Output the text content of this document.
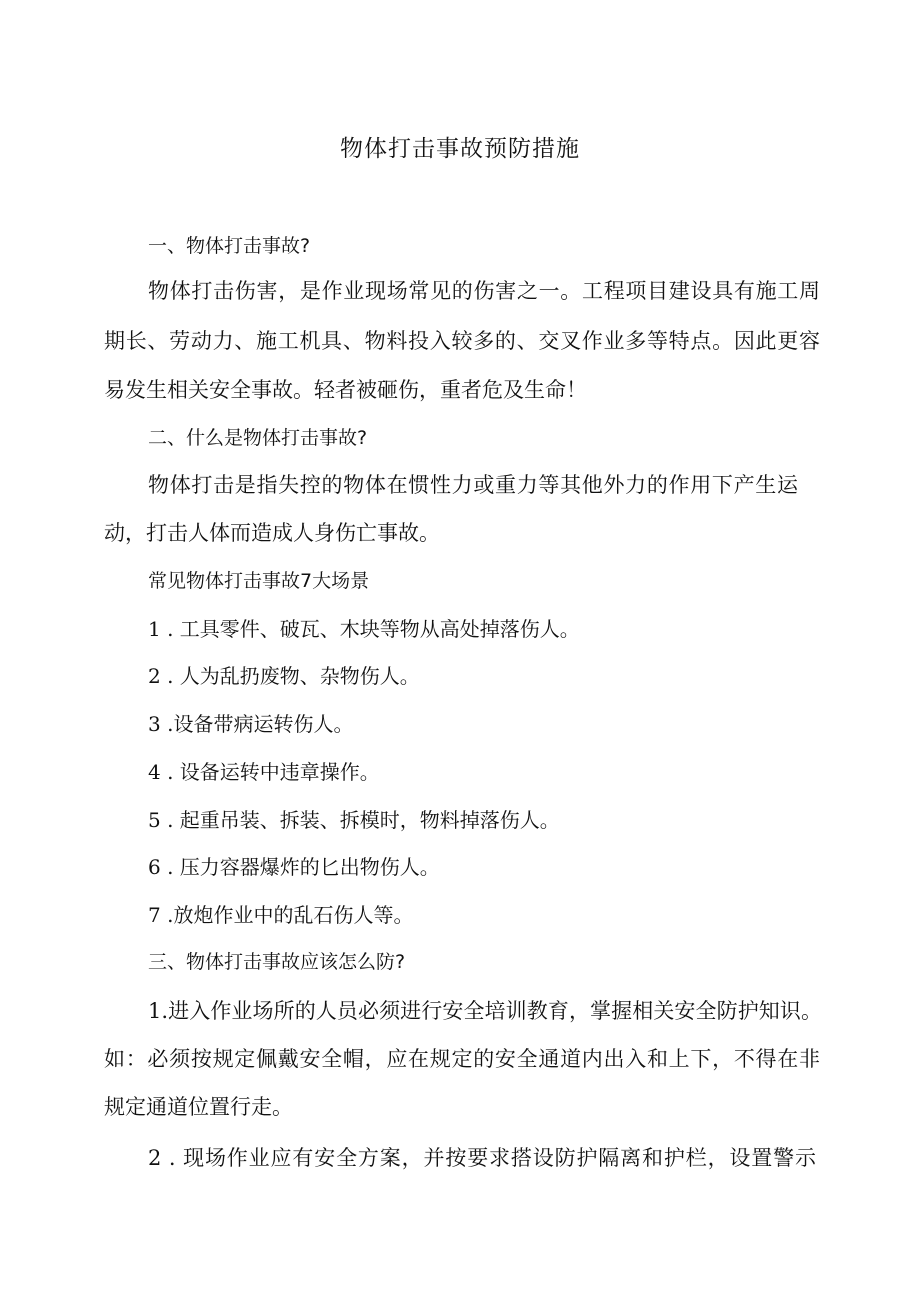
物体打击事故预防措施
一、物体打击事故?
物体打击伤害，是作业现场常见的伤害之一。工程项目建设具有施工周
期长、劳动力、施工机具、物料投入较多的、交叉作业多等特点。因此更容
易发生相关安全事故。轻者被砸伤，重者危及生命！
二、什么是物体打击事故?
物体打击是指失控的物体在惯性力或重力等其他外力的作用下产生运
动，打击人体而造成人身伤亡事故。
常见物体打击事故7大场景
1 . 工具零件、破瓦、木块等物从高处掉落伤人。
2 . 人为乱扔废物、杂物伤人。
3 .设备带病运转伤人。
4 . 设备运转中违章操作。
5 . 起重吊装、拆装、拆模时，物料掉落伤人。
6 . 压力容器爆炸的匕出物伤人。
7 .放炮作业中的乱石伤人等。
三、物体打击事故应该怎么防?
1.进入作业场所的人员必须进行安全培训教育，掌握相关安全防护知识。
如：必须按规定佩戴安全帽，应在规定的安全通道内出入和上下，不得在非
规定通道位置行走。
2 . 现场作业应有安全方案，并按要求搭设防护隔离和护栏，设置警示
